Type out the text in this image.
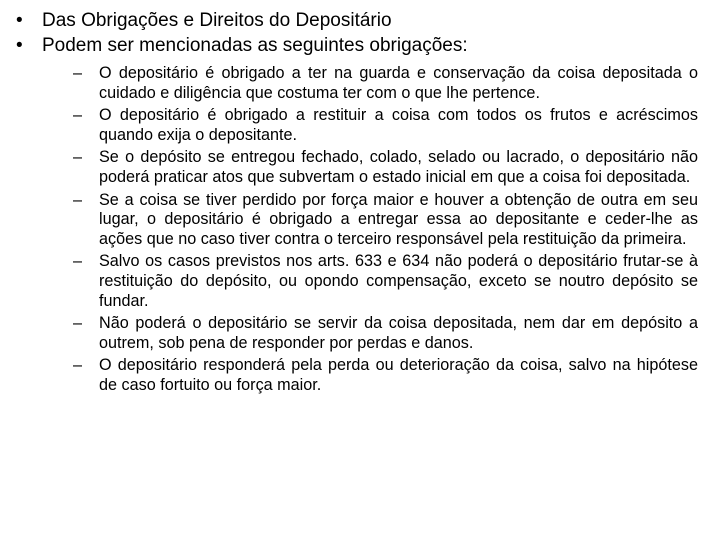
• Das Obrigações e Direitos do Depositário
• Podem ser mencionadas as seguintes obrigações:
– O depositário é obrigado a ter na guarda e conservação da coisa depositada o cuidado e diligência que costuma ter com o que lhe pertence.
– O depositário é obrigado a restituir a coisa com todos os frutos e acréscimos quando exija o depositante.
– Se o depósito se entregou fechado, colado, selado ou lacrado, o depositário não poderá praticar atos que subvertam o estado inicial em que a coisa foi depositada.
– Se a coisa se tiver perdido por força maior e houver a obtenção de outra em seu lugar, o depositário é obrigado a entregar essa ao depositante e ceder-lhe as ações que no caso tiver contra o terceiro responsável pela restituição da primeira.
– Salvo os casos previstos nos arts. 633 e 634 não poderá o depositário frutar-se à restituição do depósito, ou opondo compensação, exceto se noutro depósito se fundar.
– Não poderá o depositário se servir da coisa depositada, nem dar em depósito a outrem, sob pena de responder por perdas e danos.
– O depositário responderá pela perda ou deterioração da coisa, salvo na hipótese de caso fortuito ou força maior.
